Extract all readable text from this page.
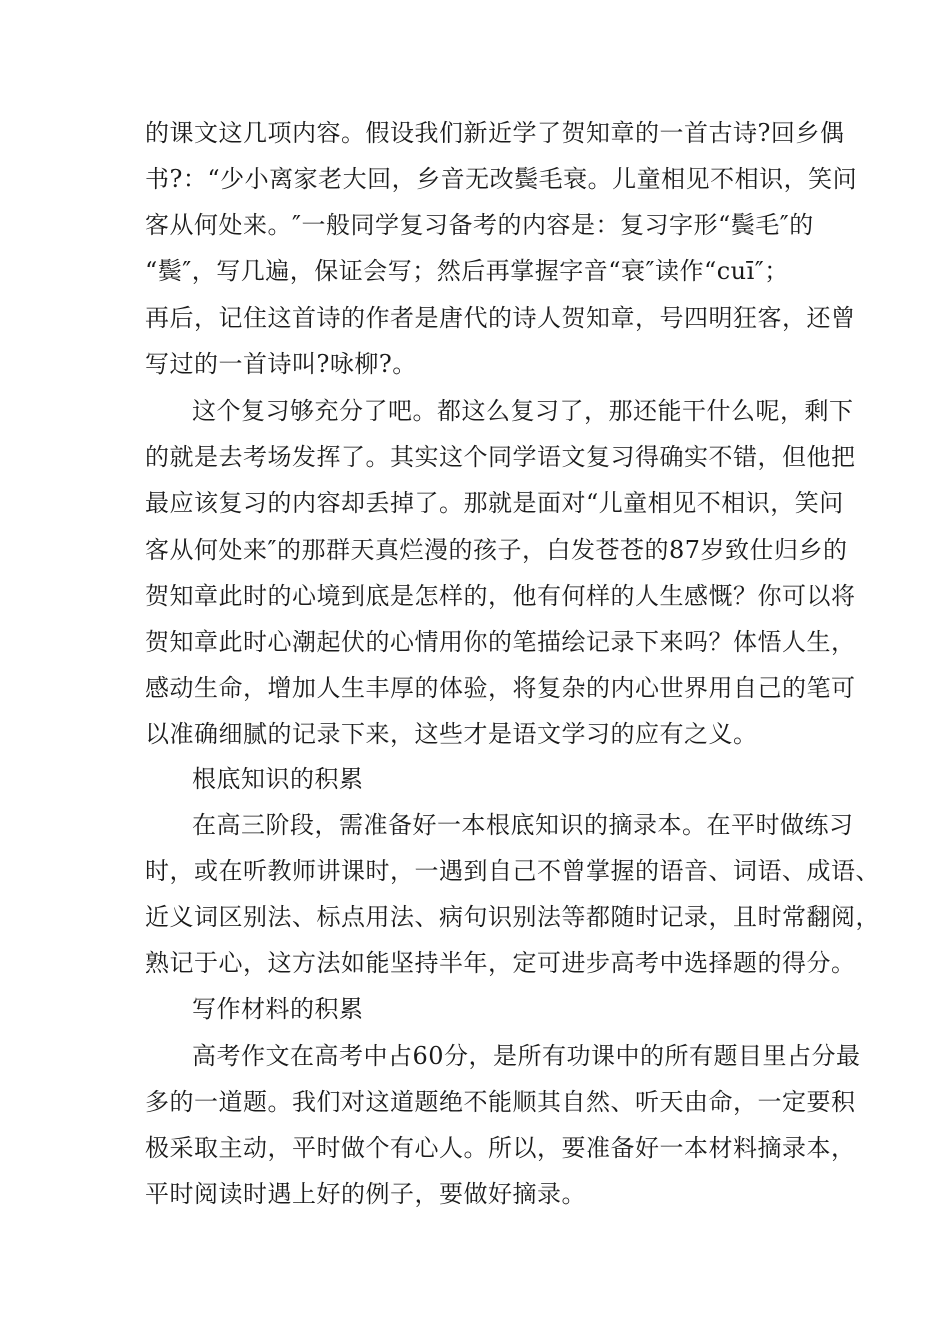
的课文这几项内容。假设我们新近学了贺知章的一首古诗?回乡偶
书?：“少小离家老大回，乡音无改鬓毛衰。儿童相见不相识，笑问
客从何处来。″一般同学复习备考的内容是：复习字形“鬓毛″的
“鬓″，写几遍，保证会写；然后再掌握字音“衰″读作“cuī″；
再后，记住这首诗的作者是唐代的诗人贺知章，号四明狂客，还曾
写过的一首诗叫?咏柳?。
这个复习够充分了吧。都这么复习了，那还能干什么呢，剩下
的就是去考场发挥了。其实这个同学语文复习得确实不错，但他把
最应该复习的内容却丢掉了。那就是面对“儿童相见不相识，笑问
客从何处来″的那群天真烂漫的孩子，白发苍苍的87岁致仕归乡的
贺知章此时的心境到底是怎样的，他有何样的人生感慨？你可以将
贺知章此时心潮起伏的心情用你的笔描绘记录下来吗？体悟人生，
感动生命，增加人生丰厚的体验，将复杂的内心世界用自己的笔可
以准确细腻的记录下来，这些才是语文学习的应有之义。
根底知识的积累
在高三阶段，需准备好一本根底知识的摘录本。在平时做练习
时，或在听教师讲课时，一遇到自己不曾掌握的语音、词语、成语、
近义词区别法、标点用法、病句识别法等都随时记录，且时常翻阅，
熟记于心，这方法如能坚持半年，定可进步高考中选择题的得分。
写作材料的积累
高考作文在高考中占60分，是所有功课中的所有题目里占分最
多的一道题。我们对这道题绝不能顺其自然、听天由命，一定要积
极采取主动，平时做个有心人。所以，要准备好一本材料摘录本，
平时阅读时遇上好的例子，要做好摘录。
